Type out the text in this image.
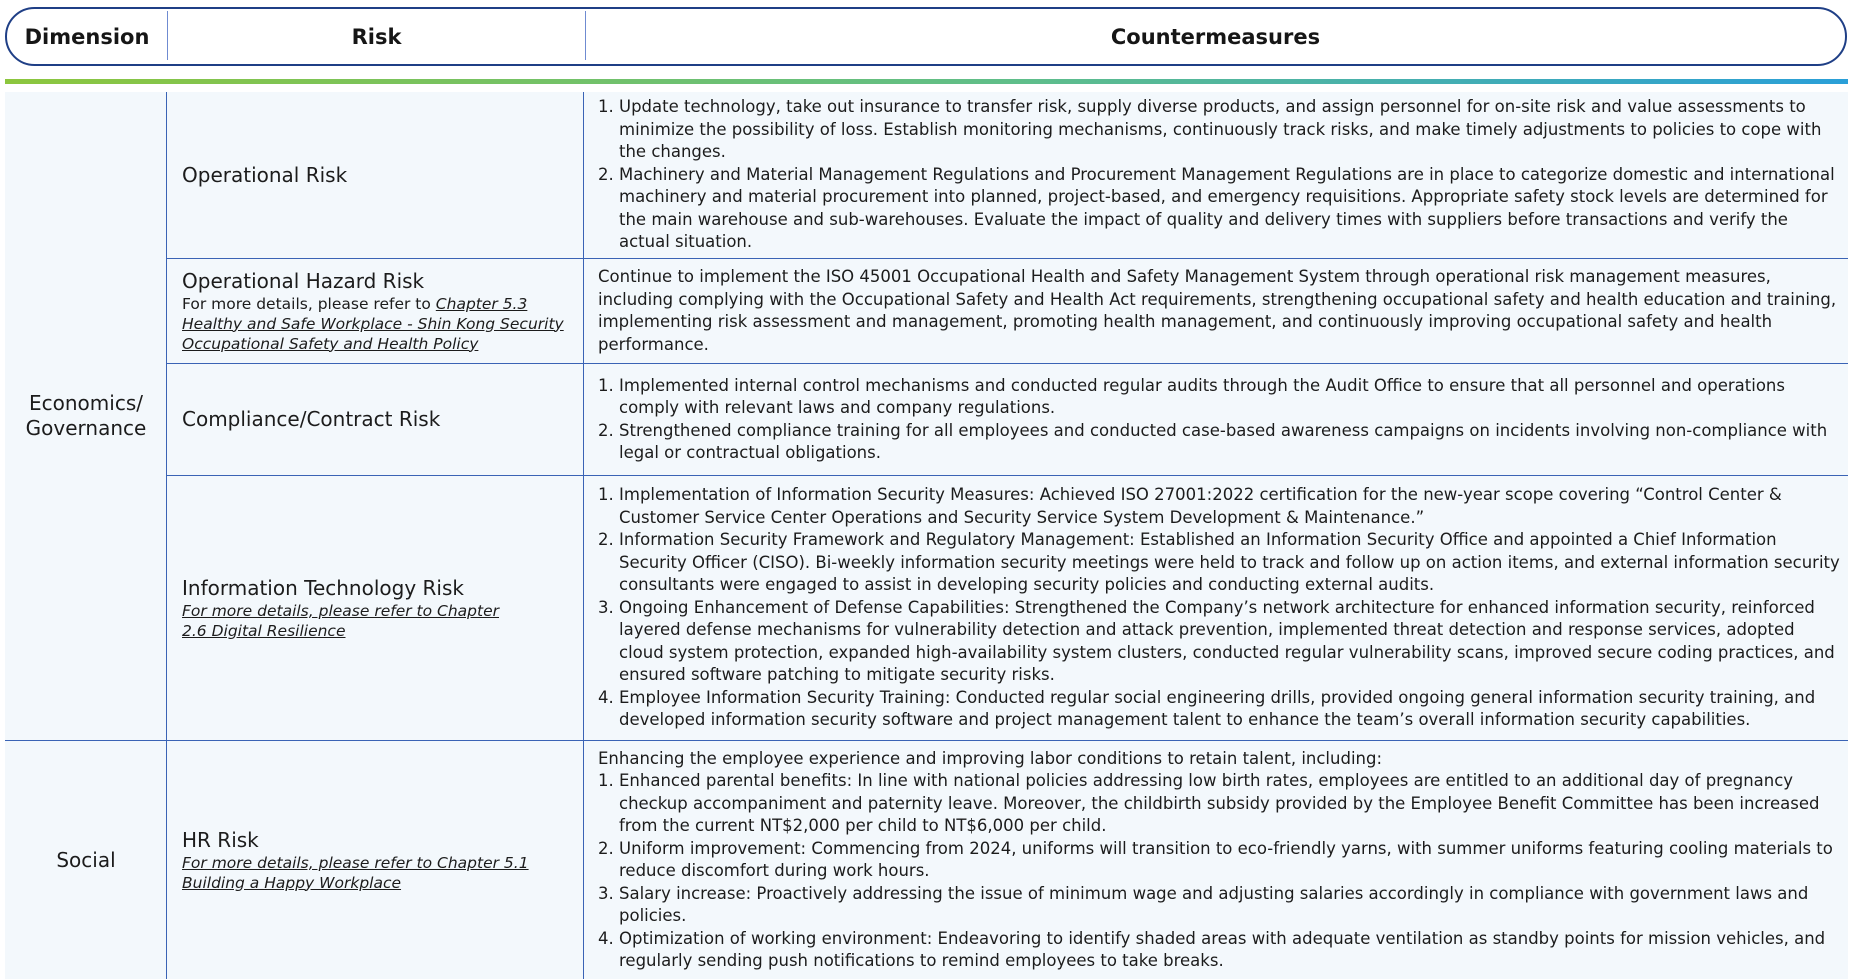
Dimension	Risk	Countermeasures
Economics/ Governance
Social
Operational Risk
1. Update technology, take out insurance to transfer risk, supply diverse products, and assign personnel for on-site risk and value assessments to minimize the possibility of loss. Establish monitoring mechanisms, continuously track risks, and make timely adjustments to policies to cope with the changes.
2. Machinery and Material Management Regulations and Procurement Management Regulations are in place to categorize domestic and international machinery and material procurement into planned, project-based, and emergency requisitions. Appropriate safety stock levels are determined for the main warehouse and sub-warehouses. Evaluate the impact of quality and delivery times with suppliers before transactions and verify the actual situation.
Operational Hazard Risk
For more details, please refer to Chapter 5.3 Healthy and Safe Workplace - Shin Kong Security Occupational Safety and Health Policy
Continue to implement the ISO 45001 Occupational Health and Safety Management System through operational risk management measures, including complying with the Occupational Safety and Health Act requirements, strengthening occupational safety and health education and training, implementing risk assessment and management, promoting health management, and continuously improving occupational safety and health performance.
Compliance/Contract Risk
1. Implemented internal control mechanisms and conducted regular audits through the Audit Office to ensure that all personnel and operations comply with relevant laws and company regulations.
2. Strengthened compliance training for all employees and conducted case-based awareness campaigns on incidents involving non-compliance with legal or contractual obligations.
Information Technology Risk
For more details, please refer to Chapter 2.6 Digital Resilience
1. Implementation of Information Security Measures: Achieved ISO 27001:2022 certification for the new-year scope covering “Control Center & Customer Service Center Operations and Security Service System Development & Maintenance.”
2. Information Security Framework and Regulatory Management: Established an Information Security Office and appointed a Chief Information Security Officer (CISO). Bi-weekly information security meetings were held to track and follow up on action items, and external information security consultants were engaged to assist in developing security policies and conducting external audits.
3. Ongoing Enhancement of Defense Capabilities: Strengthened the Company’s network architecture for enhanced information security, reinforced layered defense mechanisms for vulnerability detection and attack prevention, implemented threat detection and response services, adopted cloud system protection, expanded high-availability system clusters, conducted regular vulnerability scans, improved secure coding practices, and ensured software patching to mitigate security risks.
4. Employee Information Security Training: Conducted regular social engineering drills, provided ongoing general information security training, and developed information security software and project management talent to enhance the team’s overall information security capabilities.
HR Risk
For more details, please refer to Chapter 5.1 Building a Happy Workplace
Enhancing the employee experience and improving labor conditions to retain talent, including:
1. Enhanced parental benefits: In line with national policies addressing low birth rates, employees are entitled to an additional day of pregnancy checkup accompaniment and paternity leave. Moreover, the childbirth subsidy provided by the Employee Benefit Committee has been increased from the current NT$2,000 per child to NT$6,000 per child.
2. Uniform improvement: Commencing from 2024, uniforms will transition to eco-friendly yarns, with summer uniforms featuring cooling materials to reduce discomfort during work hours.
3. Salary increase: Proactively addressing the issue of minimum wage and adjusting salaries accordingly in compliance with government laws and policies.
4. Optimization of working environment: Endeavoring to identify shaded areas with adequate ventilation as standby points for mission vehicles, and regularly sending push notifications to remind employees to take breaks.
